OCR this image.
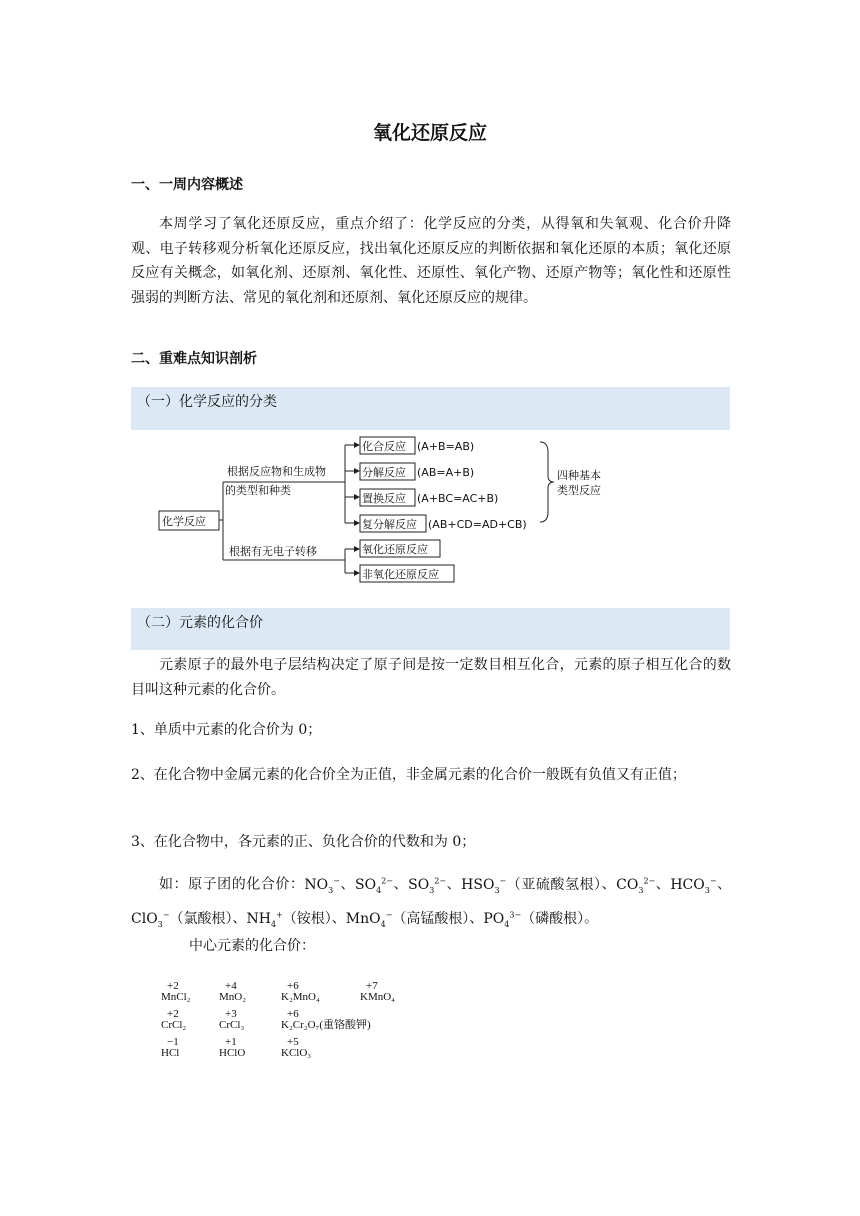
氧化还原反应
一、一周内容概述
本周学习了氧化还原反应，重点介绍了：化学反应的分类，从得氧和失氧观、化合价升降观、电子转移观分析氧化还原反应，找出氧化还原反应的判断依据和氧化还原的本质；氧化还原反应有关概念，如氧化剂、还原剂、氧化性、还原性、氧化产物、还原产物等；氧化性和还原性强弱的判断方法、常见的氧化剂和还原剂、氧化还原反应的规律。
二、重难点知识剖析
（一）化学反应的分类
化学反应
根据反应物和生成物
的类型和种类
根据有无电子转移
化合反应 (A+B=AB)
分解反应 (AB=A+B)
置换反应 (A+BC=AC+B)
复分解反应 (AB+CD=AD+CB)
四种基本
类型反应
氧化还原反应
非氧化还原反应
（二）元素的化合价
元素原子的最外电子层结构决定了原子间是按一定数目相互化合，元素的原子相互化合的数目叫这种元素的化合价。
1、单质中元素的化合价为 0；
2、在化合物中金属元素的化合价全为正值，非金属元素的化合价一般既有负值又有正值；
3、在化合物中，各元素的正、负化合价的代数和为 0；
如：原子团的化合价：$NO_3^-$、$SO_4^{2-}$、$SO_3^{2-}$、$HSO_3^-$（亚硫酸氢根）、$CO_3^{2-}$、$HCO_3^-$、ClO$_3$−（氯酸根）、$NH_4^+$（铵根）、MnO$_4$−（高锰酸根）、$PO_4^{3-}$（磷酸根）。
中心元素的化合价：
+2
MnCl₂
+4
MnO₂
+6
K₂MnO₄
+7
KMnO₄
+2
CrCl₂
+3
CrCl₃
+6
K₂Cr₂O₇(重铬酸钾)
−1
HCl
+1
HClO
+5
KClO₃
